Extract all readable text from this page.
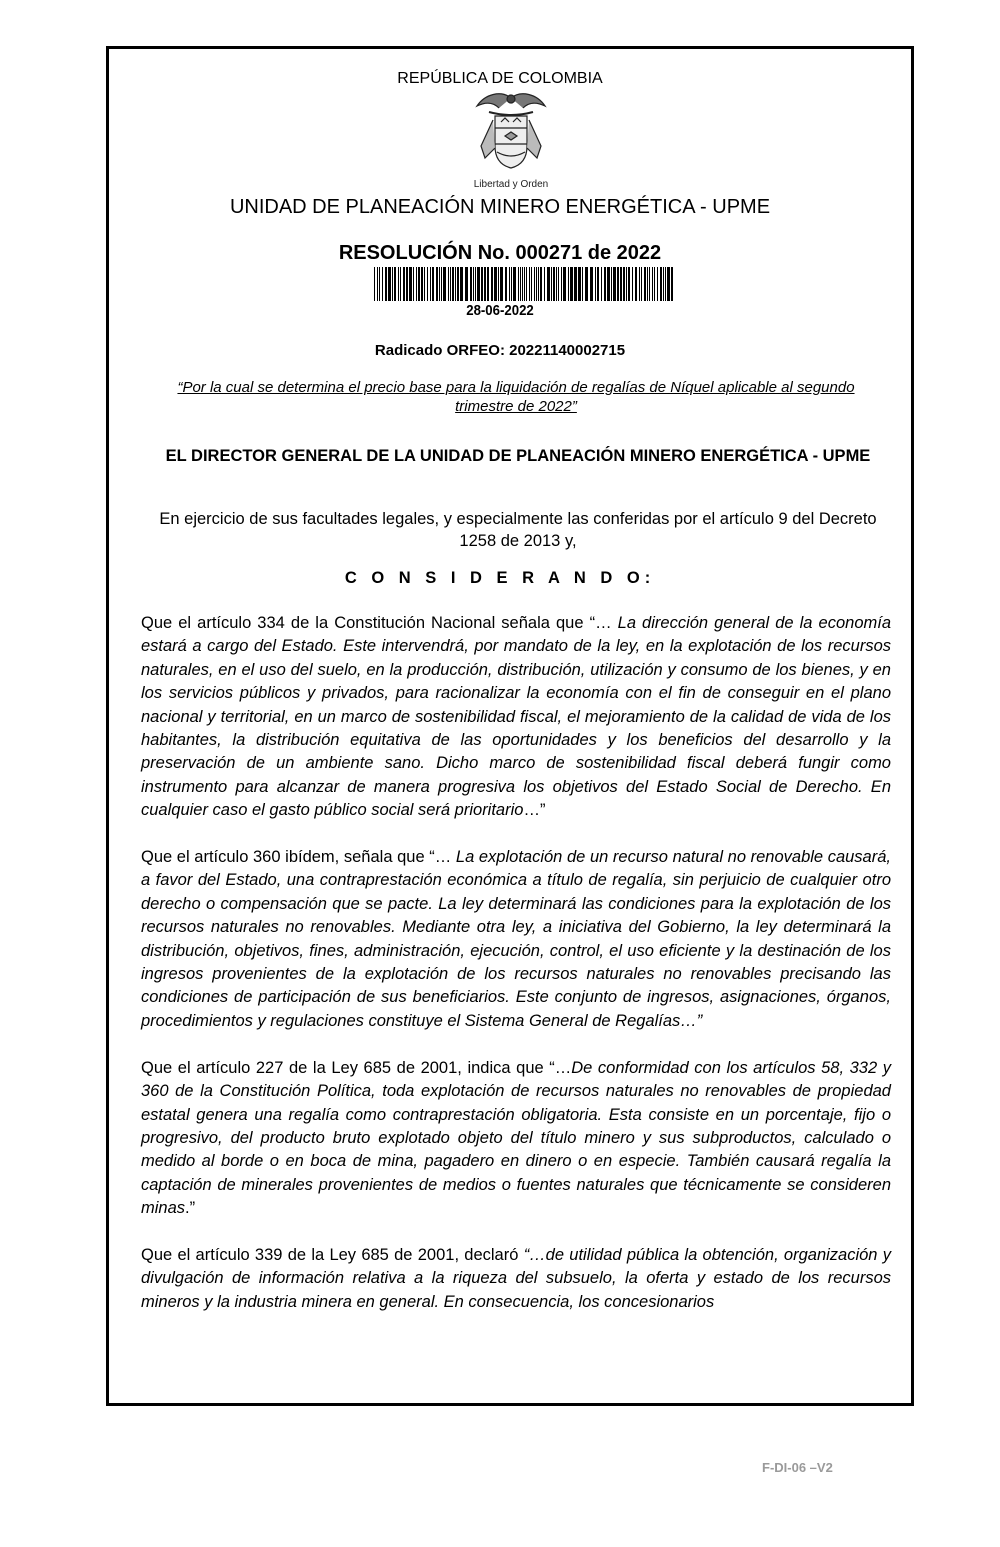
REPÚBLICA DE COLOMBIA
Libertad y Orden
UNIDAD DE PLANEACIÓN MINERO ENERGÉTICA - UPME
RESOLUCIÓN No. 000271 de 2022
28-06-2022
Radicado ORFEO: 20221140002715
“Por la cual se determina el precio base para la liquidación de regalías de Níquel aplicable al segundo trimestre de 2022”
EL DIRECTOR GENERAL DE LA UNIDAD DE PLANEACIÓN MINERO ENERGÉTICA - UPME
En ejercicio de sus facultades legales, y especialmente las conferidas por el artículo 9 del Decreto 1258 de 2013 y,
C O N S I D E R A N D O:

Que el artículo 334 de la Constitución Nacional señala que “… La dirección general de la economía estará a cargo del Estado. Este intervendrá, por mandato de la ley, en la explotación de los recursos naturales, en el uso del suelo, en la producción, distribución, utilización y consumo de los bienes, y en los servicios públicos y privados, para racionalizar la economía con el fin de conseguir en el plano nacional y territorial, en un marco de sostenibilidad fiscal, el mejoramiento de la calidad de vida de los habitantes, la distribución equitativa de las oportunidades y los beneficios del desarrollo y la preservación de un ambiente sano. Dicho marco de sostenibilidad fiscal deberá fungir como instrumento para alcanzar de manera progresiva los objetivos del Estado Social de Derecho. En cualquier caso el gasto público social será prioritario…”

Que el artículo 360 ibídem, señala que “… La explotación de un recurso natural no renovable causará, a favor del Estado, una contraprestación económica a título de regalía, sin perjuicio de cualquier otro derecho o compensación que se pacte. La ley determinará las condiciones para la explotación de los recursos naturales no renovables. Mediante otra ley, a iniciativa del Gobierno, la ley determinará la distribución, objetivos, fines, administración, ejecución, control, el uso eficiente y la destinación de los ingresos provenientes de la explotación de los recursos naturales no renovables precisando las condiciones de participación de sus beneficiarios. Este conjunto de ingresos, asignaciones, órganos, procedimientos y regulaciones constituye el Sistema General de Regalías…”

Que el artículo 227 de la Ley 685 de 2001, indica que “…De conformidad con los artículos 58, 332 y 360 de la Constitución Política, toda explotación de recursos naturales no renovables de propiedad estatal genera una regalía como contraprestación obligatoria. Esta consiste en un porcentaje, fijo o progresivo, del producto bruto explotado objeto del título minero y sus subproductos, calculado o medido al borde o en boca de mina, pagadero en dinero o en especie. También causará regalía la captación de minerales provenientes de medios o fuentes naturales que técnicamente se consideren minas.”

Que el artículo 339 de la Ley 685 de 2001, declaró “…de utilidad pública la obtención, organización y divulgación de información relativa a la riqueza del subsuelo, la oferta y estado de los recursos mineros y la industria minera en general. En consecuencia, los concesionarios

F-DI-06 –V2
